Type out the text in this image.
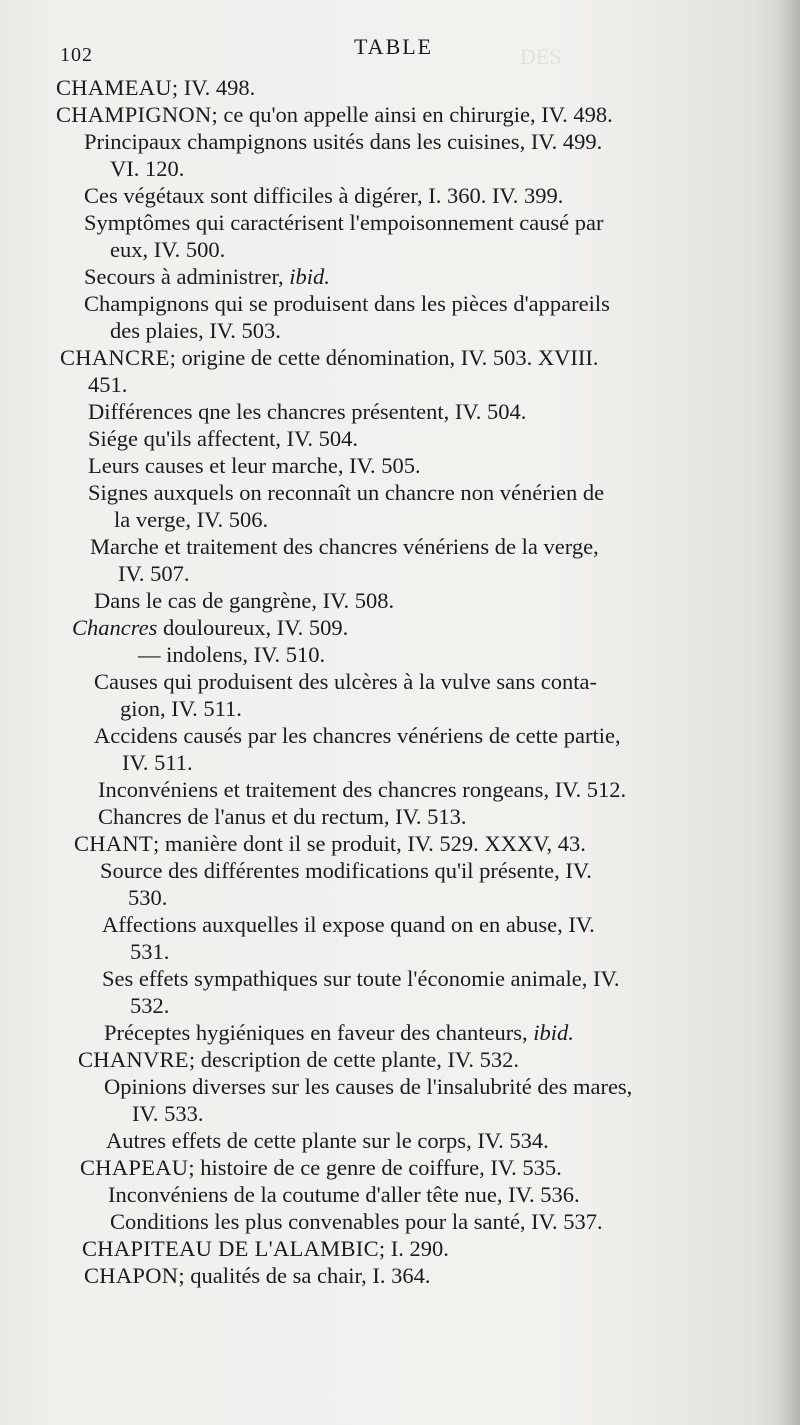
102	TABLE	DES
CHAMEAU; IV. 498.
CHAMPIGNON; ce qu'on appelle ainsi en chirurgie, IV. 498.
Principaux champignons usités dans les cuisines, IV. 499.
VI. 120.
Ces végétaux sont difficiles à digérer, I. 360. IV. 399.
Symptômes qui caractérisent l'empoisonnement causé par
eux, IV. 500.
Secours à administrer, ibid.
Champignons qui se produisent dans les pièces d'appareils
des plaies, IV. 503.
CHANCRE; origine de cette dénomination, IV. 503. XVIII.
451.
Différences qne les chancres présentent, IV. 504.
Siége qu'ils affectent, IV. 504.
Leurs causes et leur marche, IV. 505.
Signes auxquels on reconnaît un chancre non vénérien de
la verge, IV. 506.
Marche et traitement des chancres vénériens de la verge,
IV. 507.
Dans le cas de gangrène, IV. 508.
Chancres douloureux, IV. 509.
— indolens, IV. 510.
Causes qui produisent des ulcères à la vulve sans conta-
gion, IV. 511.
Accidens causés par les chancres vénériens de cette partie,
IV. 511.
Inconvéniens et traitement des chancres rongeans, IV. 512.
Chancres de l'anus et du rectum, IV. 513.
CHANT; manière dont il se produit, IV. 529. XXXV, 43.
Source des différentes modifications qu'il présente, IV.
530.
Affections auxquelles il expose quand on en abuse, IV.
531.
Ses effets sympathiques sur toute l'économie animale, IV.
532.
Préceptes hygiéniques en faveur des chanteurs, ibid.
CHANVRE; description de cette plante, IV. 532.
Opinions diverses sur les causes de l'insalubrité des mares,
IV. 533.
Autres effets de cette plante sur le corps, IV. 534.
CHAPEAU; histoire de ce genre de coiffure, IV. 535.
Inconvéniens de la coutume d'aller tête nue, IV. 536.
Conditions les plus convenables pour la santé, IV. 537.
CHAPITEAU DE L'ALAMBIC; I. 290.
CHAPON; qualités de sa chair, I. 364.
